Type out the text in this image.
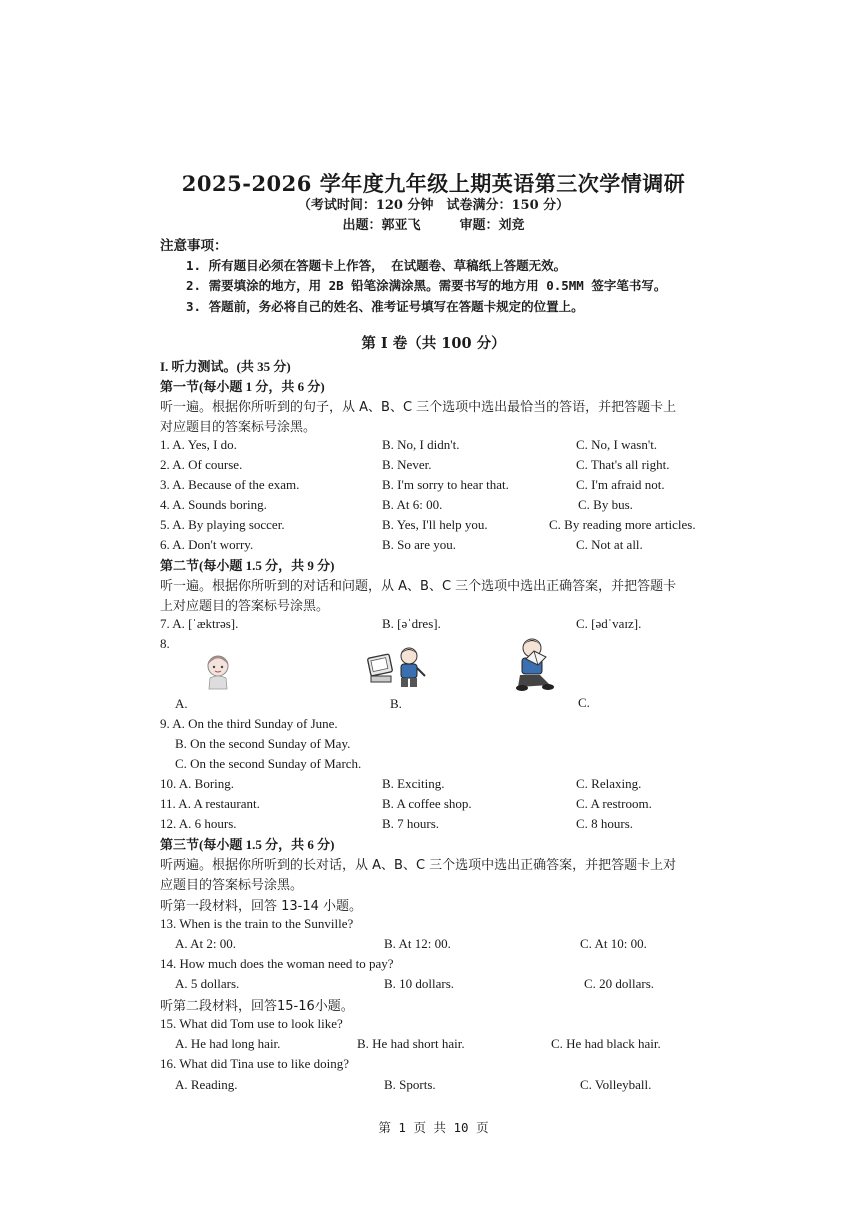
2025-2026 学年度九年级上期英语第三次学情调研
（考试时间：120 分钟　试卷满分：150 分）
出题：郭亚飞　　　审题：刘竞
注意事项：
1. 所有题目必须在答题卡上作答， 在试题卷、草稿纸上答题无效。
2. 需要填涂的地方，用 2B 铅笔涂满涂黑。需要书写的地方用 0.5MM 签字笔书写。
3. 答题前，务必将自己的姓名、准考证号填写在答题卡规定的位置上。
第 I 卷（共 100 分）
I. 听力测试。(共 35 分)
第一节(每小题 1 分，共 6 分)
听一遍。根据你所听到的句子，从 A、B、C 三个选项中选出最恰当的答语，并把答题卡上
对应题目的答案标号涂黑。
1. A. Yes, I do.	B. No, I didn't.	C. No, I wasn't.
2. A. Of course.	B. Never.	C. That's all right.
3. A. Because of the exam.	B. I'm sorry to hear that.	C. I'm afraid not.
4. A. Sounds boring.	B. At 6: 00.	C. By bus.
5. A. By playing soccer.	B. Yes, I'll help you.	C. By reading more articles.
6. A. Don't worry.	B. So are you.	C. Not at all.
第二节(每小题 1.5 分，共 9 分)
听一遍。根据你所听到的对话和问题，从 A、B、C 三个选项中选出正确答案，并把答题卡
上对应题目的答案标号涂黑。
7. A. [ˈæktrəs].	B. [əˈdres].	C. [ədˈvaɪz].
8.
A.	B.	C.
9. A. On the third Sunday of June.
B. On the second Sunday of May.
C. On the second Sunday of March.
10. A. Boring.	B. Exciting.	C. Relaxing.
11. A. A restaurant.	B. A coffee shop.	C. A restroom.
12. A. 6 hours.	B. 7 hours.	C. 8 hours.
第三节(每小题 1.5 分，共 6 分)
听两遍。根据你所听到的长对话，从 A、B、C 三个选项中选出正确答案，并把答题卡上对
应题目的答案标号涂黑。
听第一段材料，回答 13-14 小题。
13. When is the train to the Sunville?
A. At 2: 00.	B. At 12: 00.	C. At 10: 00.
14. How much does the woman need to pay?
A. 5 dollars.	B. 10 dollars.	C. 20 dollars.
听第二段材料，回答15-16小题。
15. What did Tom use to look like?
A. He had long hair.	B. He had short hair.	C. He had black hair.
16. What did Tina use to like doing?
A. Reading.	B. Sports.	C. Volleyball.
第 1 页 共 10 页
